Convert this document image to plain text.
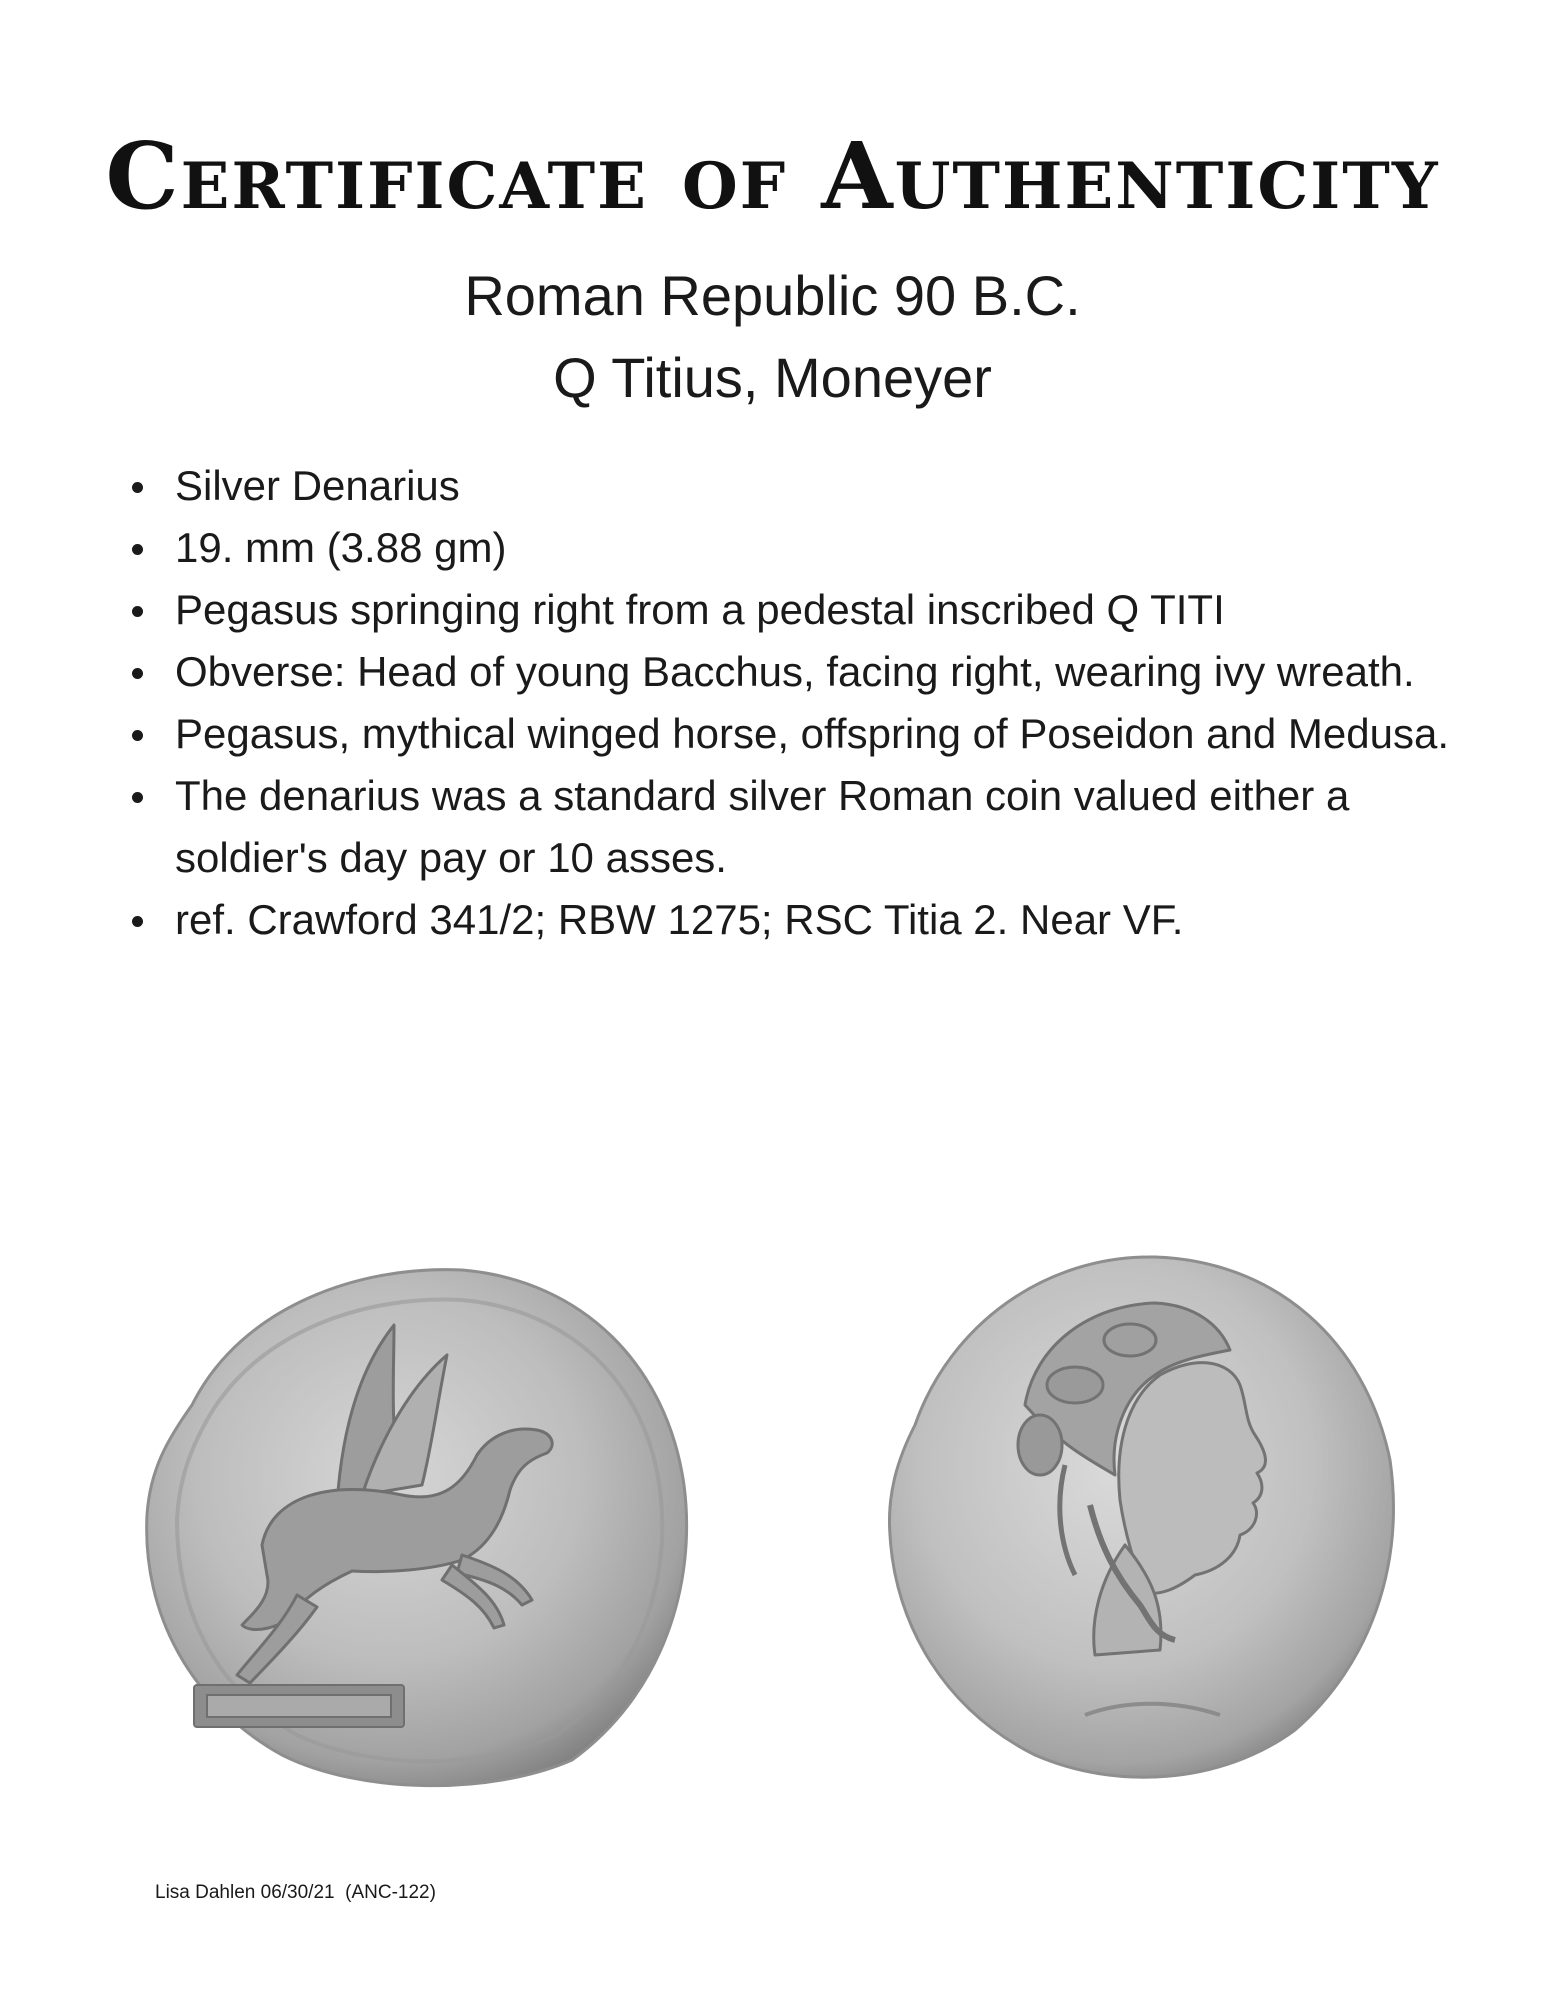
Certificate of Authenticity
Roman Republic 90 B.C.
Q Titius, Moneyer
Silver Denarius
19. mm (3.88 gm)
Pegasus springing right from a pedestal inscribed Q TITI
Obverse: Head of young Bacchus, facing right, wearing ivy wreath.
Pegasus, mythical winged horse, offspring of Poseidon and Medusa.
The denarius was a standard silver Roman coin valued either a soldier's day pay or 10 asses.
ref. Crawford 341/2; RBW 1275; RSC Titia 2. Near VF.
Lisa Dahlen 06/30/21  (ANC-122)
